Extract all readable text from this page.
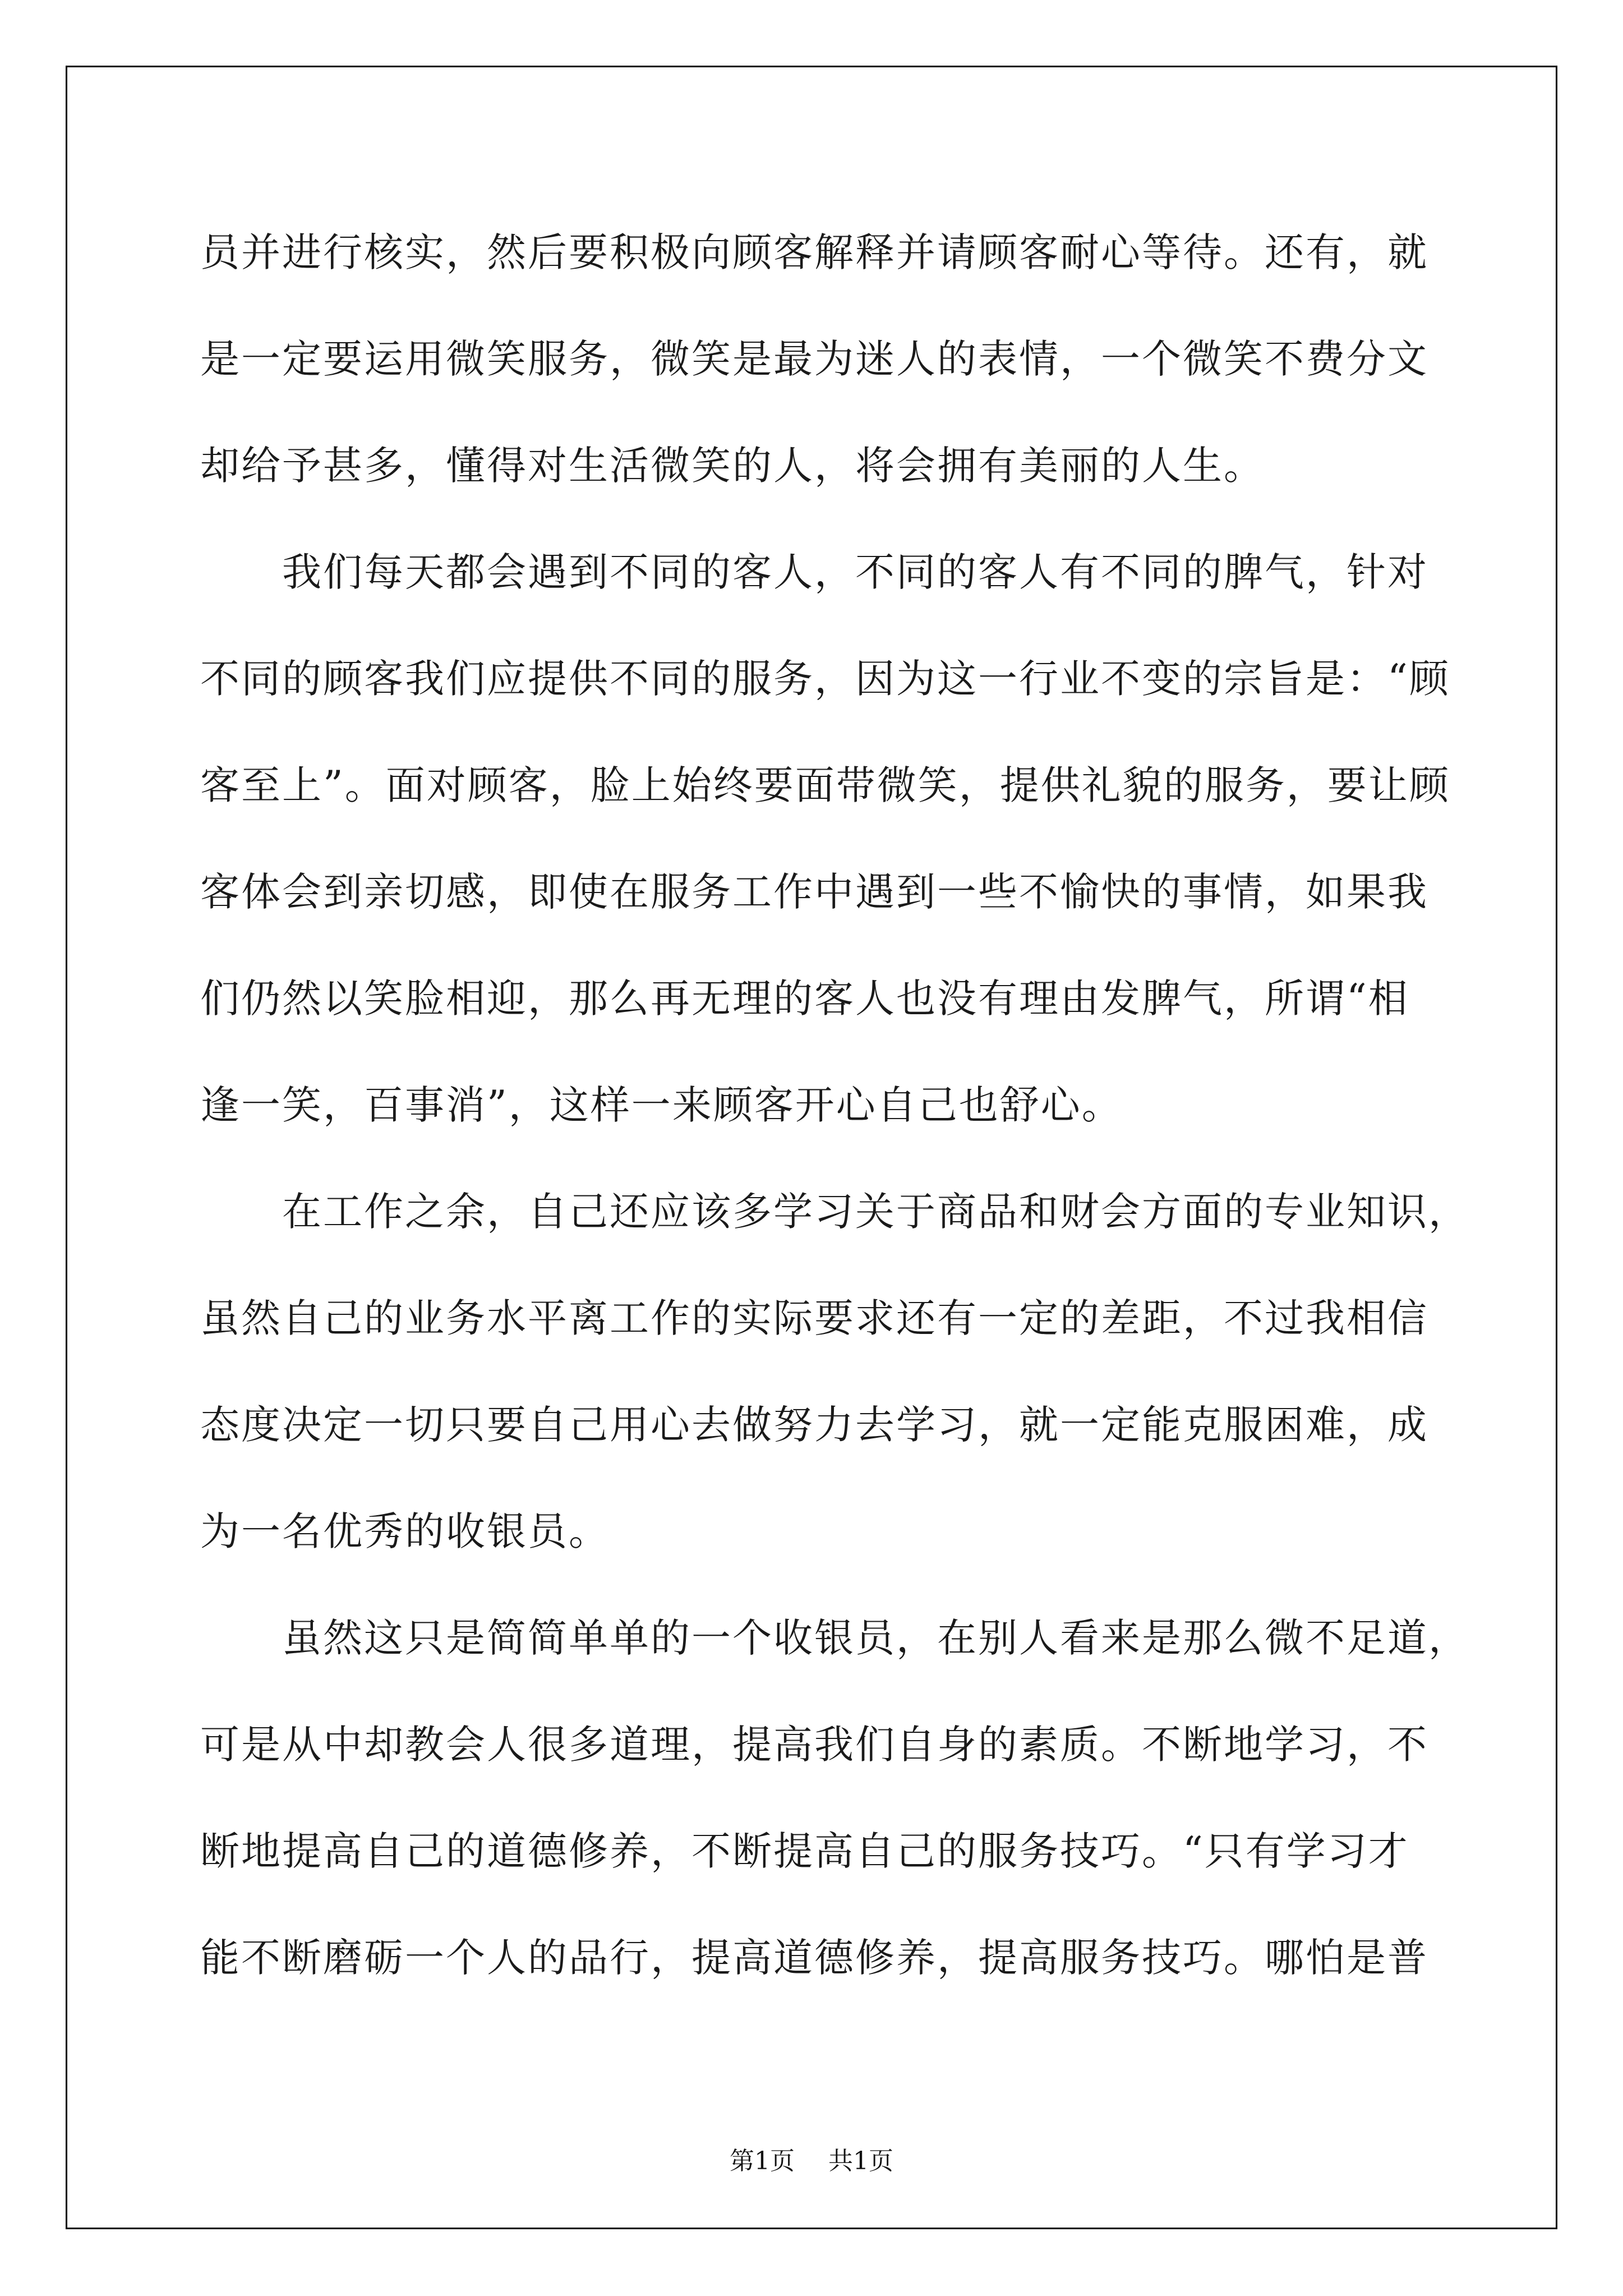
员并进行核实，然后要积极向顾客解释并请顾客耐心等待。还有，就
是一定要运用微笑服务，微笑是最为迷人的表情，一个微笑不费分文
却给予甚多，懂得对生活微笑的人，将会拥有美丽的人生。
　　我们每天都会遇到不同的客人，不同的客人有不同的脾气，针对
不同的顾客我们应提供不同的服务，因为这一行业不变的宗旨是：“顾
客至上”。面对顾客，脸上始终要面带微笑，提供礼貌的服务，要让顾
客体会到亲切感，即使在服务工作中遇到一些不愉快的事情，如果我
们仍然以笑脸相迎，那么再无理的客人也没有理由发脾气，所谓“相
逢一笑，百事消”，这样一来顾客开心自己也舒心。
　　在工作之余，自己还应该多学习关于商品和财会方面的专业知识，
虽然自己的业务水平离工作的实际要求还有一定的差距，不过我相信
态度决定一切只要自己用心去做努力去学习，就一定能克服困难，成
为一名优秀的收银员。
　　虽然这只是简简单单的一个收银员，在别人看来是那么微不足道，
可是从中却教会人很多道理，提高我们自身的素质。不断地学习，不
断地提高自己的道德修养，不断提高自己的服务技巧。“只有学习才
能不断磨砺一个人的品行，提高道德修养，提高服务技巧。哪怕是普
第1页 共1页
